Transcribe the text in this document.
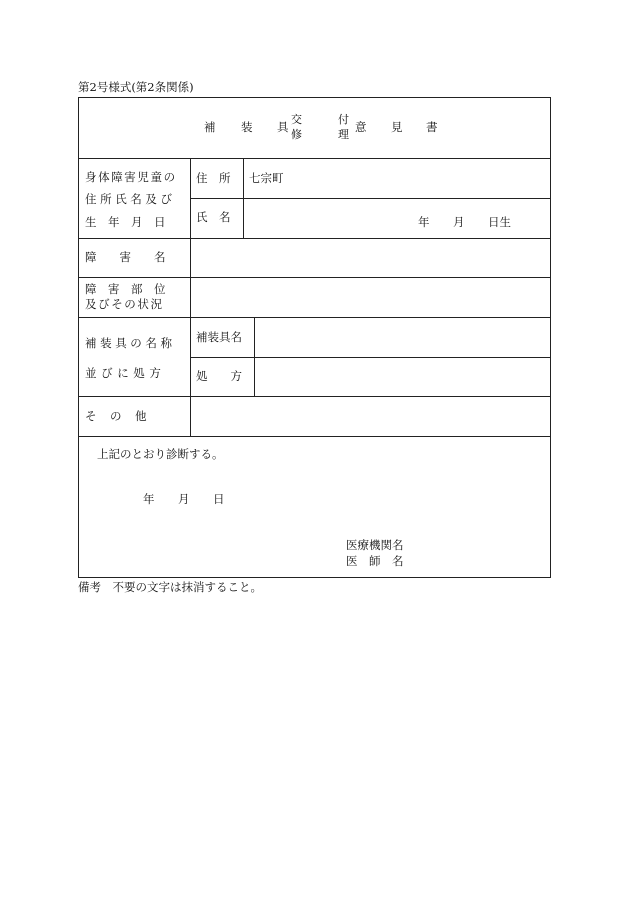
第2号様式(第2条関係)
補 装 具
交
修
付
理
意 見 書
身体障害児童の
住所氏名及び
生　年　月　日
住　所 七宗町
氏　名	年 月 日生
障　　害　　名
障　害　部　位
及びその状況
補装具の名称
並びに処方
補装具名
処　　方
そ　の　他
上記のとおり診断する。
年 月 日
医療機関名
医　師　名
備考　不要の文字は抹消すること。
